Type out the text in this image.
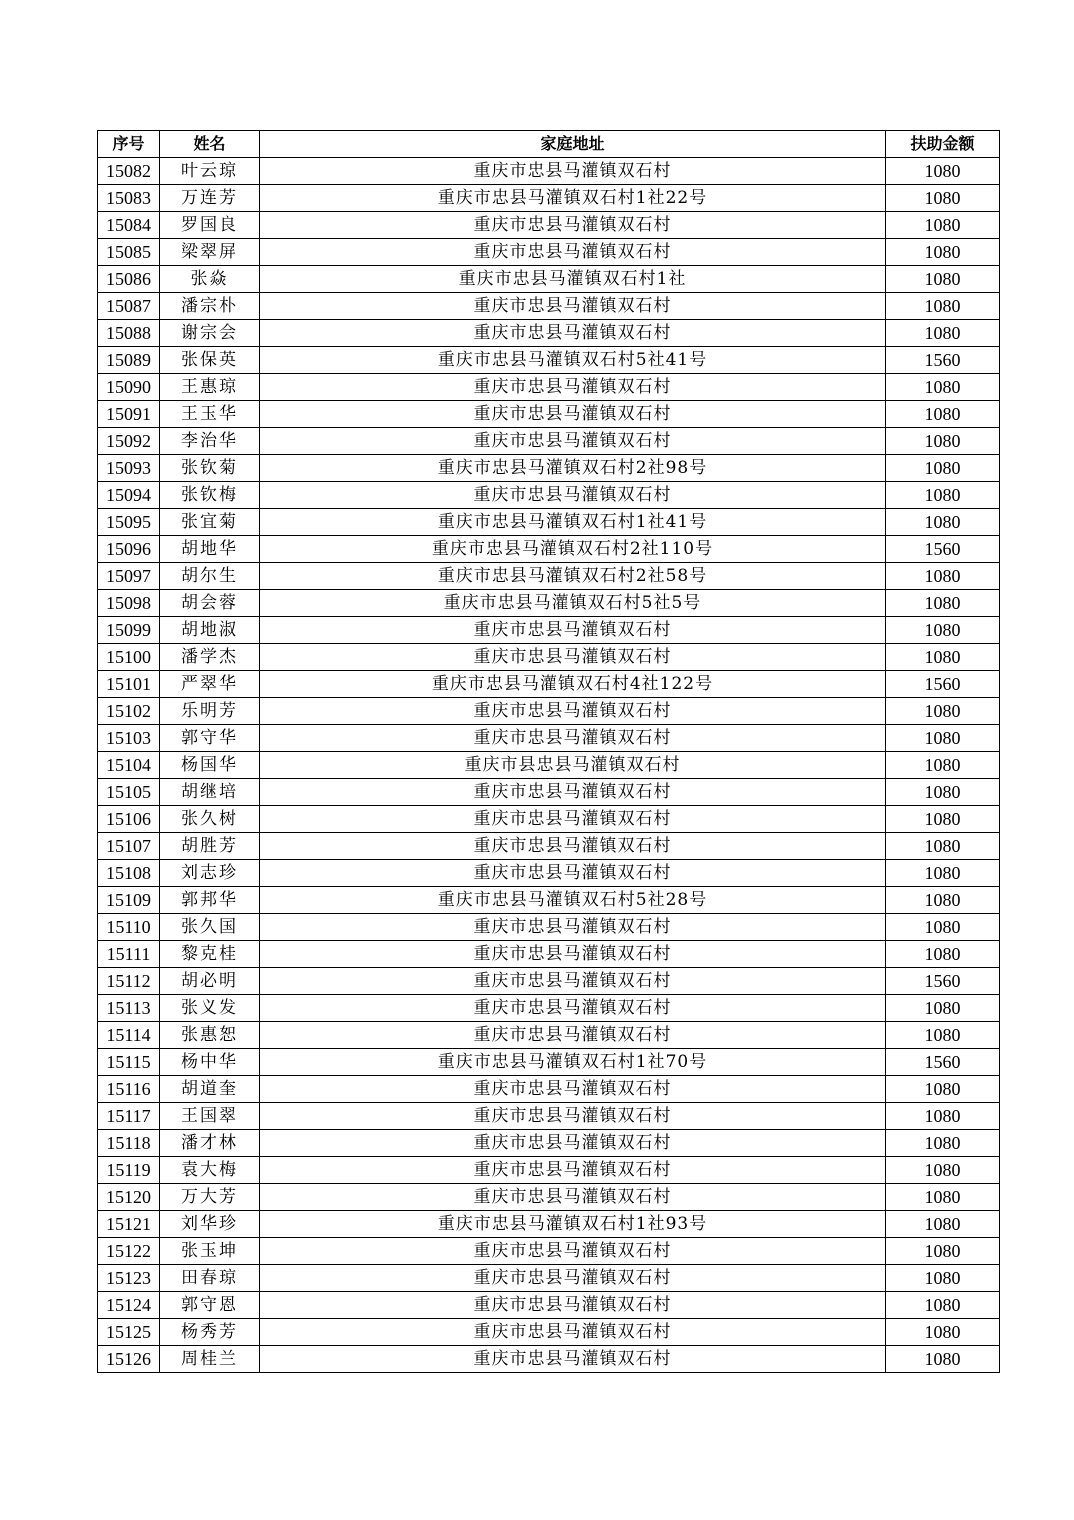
序号	姓名	家庭地址	扶助金额
15082	叶云琼	重庆市忠县马灌镇双石村	1080
15083	万连芳	重庆市忠县马灌镇双石村1社22号	1080
15084	罗国良	重庆市忠县马灌镇双石村	1080
15085	梁翠屏	重庆市忠县马灌镇双石村	1080
15086	张焱	重庆市忠县马灌镇双石村1社	1080
15087	潘宗朴	重庆市忠县马灌镇双石村	1080
15088	谢宗会	重庆市忠县马灌镇双石村	1080
15089	张保英	重庆市忠县马灌镇双石村5社41号	1560
15090	王惠琼	重庆市忠县马灌镇双石村	1080
15091	王玉华	重庆市忠县马灌镇双石村	1080
15092	李治华	重庆市忠县马灌镇双石村	1080
15093	张钦菊	重庆市忠县马灌镇双石村2社98号	1080
15094	张钦梅	重庆市忠县马灌镇双石村	1080
15095	张宜菊	重庆市忠县马灌镇双石村1社41号	1080
15096	胡地华	重庆市忠县马灌镇双石村2社110号	1560
15097	胡尔生	重庆市忠县马灌镇双石村2社58号	1080
15098	胡会蓉	重庆市忠县马灌镇双石村5社5号	1080
15099	胡地淑	重庆市忠县马灌镇双石村	1080
15100	潘学杰	重庆市忠县马灌镇双石村	1080
15101	严翠华	重庆市忠县马灌镇双石村4社122号	1560
15102	乐明芳	重庆市忠县马灌镇双石村	1080
15103	郭守华	重庆市忠县马灌镇双石村	1080
15104	杨国华	重庆市县忠县马灌镇双石村	1080
15105	胡继培	重庆市忠县马灌镇双石村	1080
15106	张久树	重庆市忠县马灌镇双石村	1080
15107	胡胜芳	重庆市忠县马灌镇双石村	1080
15108	刘志珍	重庆市忠县马灌镇双石村	1080
15109	郭邦华	重庆市忠县马灌镇双石村5社28号	1080
15110	张久国	重庆市忠县马灌镇双石村	1080
15111	黎克桂	重庆市忠县马灌镇双石村	1080
15112	胡必明	重庆市忠县马灌镇双石村	1560
15113	张义发	重庆市忠县马灌镇双石村	1080
15114	张惠恕	重庆市忠县马灌镇双石村	1080
15115	杨中华	重庆市忠县马灌镇双石村1社70号	1560
15116	胡道奎	重庆市忠县马灌镇双石村	1080
15117	王国翠	重庆市忠县马灌镇双石村	1080
15118	潘才林	重庆市忠县马灌镇双石村	1080
15119	袁大梅	重庆市忠县马灌镇双石村	1080
15120	万大芳	重庆市忠县马灌镇双石村	1080
15121	刘华珍	重庆市忠县马灌镇双石村1社93号	1080
15122	张玉坤	重庆市忠县马灌镇双石村	1080
15123	田春琼	重庆市忠县马灌镇双石村	1080
15124	郭守恩	重庆市忠县马灌镇双石村	1080
15125	杨秀芳	重庆市忠县马灌镇双石村	1080
15126	周桂兰	重庆市忠县马灌镇双石村	1080
